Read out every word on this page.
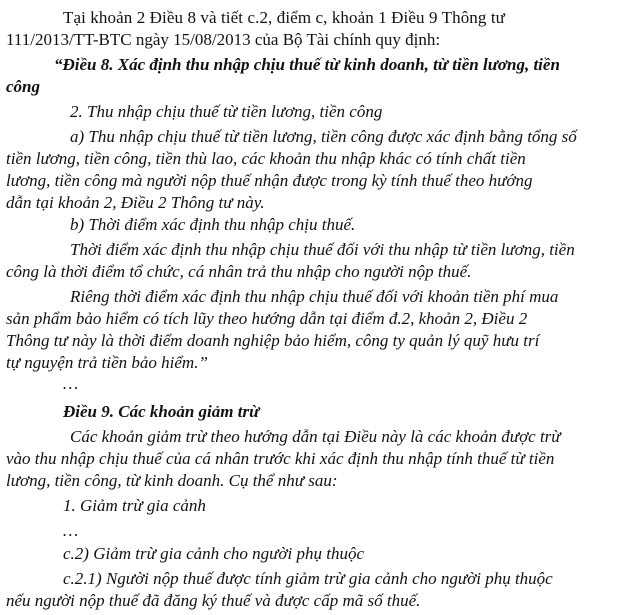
Tại khoản 2 Điều 8 và tiết c.2, điểm c, khoản 1 Điều 9 Thông tư
111/2013/TT-BTC ngày 15/08/2013 của Bộ Tài chính quy định:
“Điều 8. Xác định thu nhập chịu thuế từ kinh doanh, từ tiền lương, tiền
công
2. Thu nhập chịu thuế từ tiền lương, tiền công
a) Thu nhập chịu thuế từ tiền lương, tiền công được xác định bằng tổng số
tiền lương, tiền công, tiền thù lao, các khoản thu nhập khác có tính chất tiền
lương, tiền công mà người nộp thuế nhận được trong kỳ tính thuế theo hướng
dẫn tại khoản 2, Điều 2 Thông tư này.
b) Thời điểm xác định thu nhập chịu thuế.
Thời điểm xác định thu nhập chịu thuế đối với thu nhập từ tiền lương, tiền
công là thời điểm tổ chức, cá nhân trả thu nhập cho người nộp thuế.
Riêng thời điểm xác định thu nhập chịu thuế đối với khoản tiền phí mua
sản phẩm bảo hiểm có tích lũy theo hướng dẫn tại điểm đ.2, khoản 2, Điều 2
Thông tư này là thời điểm doanh nghiệp bảo hiểm, công ty quản lý quỹ hưu trí
tự nguyện trả tiền bảo hiểm.”
…
Điều 9. Các khoản giảm trừ
Các khoản giảm trừ theo hướng dẫn tại Điều này là các khoản được trừ
vào thu nhập chịu thuế của cá nhân trước khi xác định thu nhập tính thuế từ tiền
lương, tiền công, từ kinh doanh. Cụ thể như sau:
1. Giảm trừ gia cảnh
…
c.2) Giảm trừ gia cảnh cho người phụ thuộc
c.2.1) Người nộp thuế được tính giảm trừ gia cảnh cho người phụ thuộc
nếu người nộp thuế đã đăng ký thuế và được cấp mã số thuế.
